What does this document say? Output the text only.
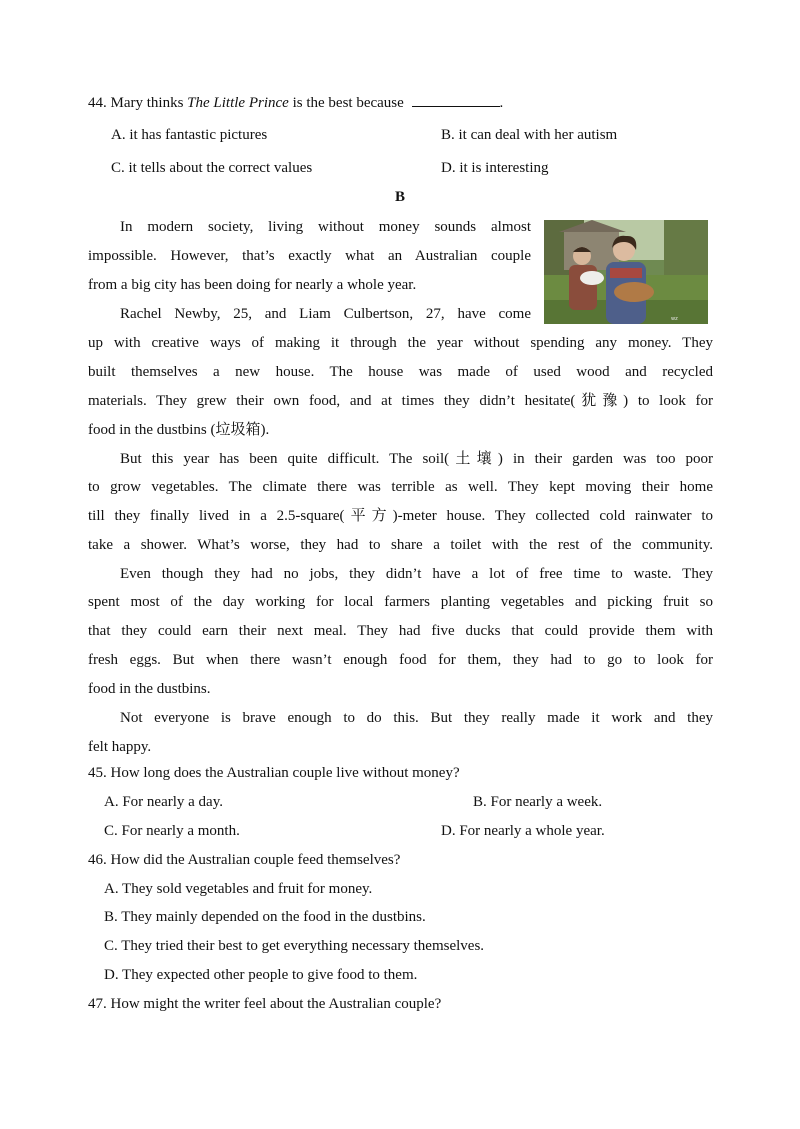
44. Mary thinks The Little Prince is the best because	.
A. it has fantastic pictures	B. it can deal with her autism
C. it tells about the correct values	D. it is interesting
B
wz
In modern society, living without money sounds almost
impossible. However, that’s exactly what an Australian couple
from a big city has been doing for nearly a whole year.
Rachel Newby, 25, and Liam Culbertson, 27, have come
up with creative ways of making it through the year without spending any money. They
built themselves a new house. The house was made of used wood and recycled
materials. They grew their own food, and at times they didn’t hesitate(犹豫) to look for
food in the dustbins (垃圾箱).
But this year has been quite difficult. The soil(土壤) in their garden was too poor
to grow vegetables. The climate there was terrible as well. They kept moving their home
till they finally lived in a 2.5-square(平方)-meter house. They collected cold rainwater to
take a shower. What’s worse, they had to share a toilet with the rest of the community.
Even though they had no jobs, they didn’t have a lot of free time to waste. They
spent most of the day working for local farmers planting vegetables and picking fruit so
that they could earn their next meal. They had five ducks that could provide them with
fresh eggs. But when there wasn’t enough food for them, they had to go to look for
food in the dustbins.
Not everyone is brave enough to do this. But they really made it work and they
felt happy.
45. How long does the Australian couple live without money?
A. For nearly a day.	B. For nearly a week.
C. For nearly a month.	D. For nearly a whole year.
46. How did the Australian couple feed themselves?
A. They sold vegetables and fruit for money.
B. They mainly depended on the food in the dustbins.
C. They tried their best to get everything necessary themselves.
D. They expected other people to give food to them.
47. How might the writer feel about the Australian couple?
